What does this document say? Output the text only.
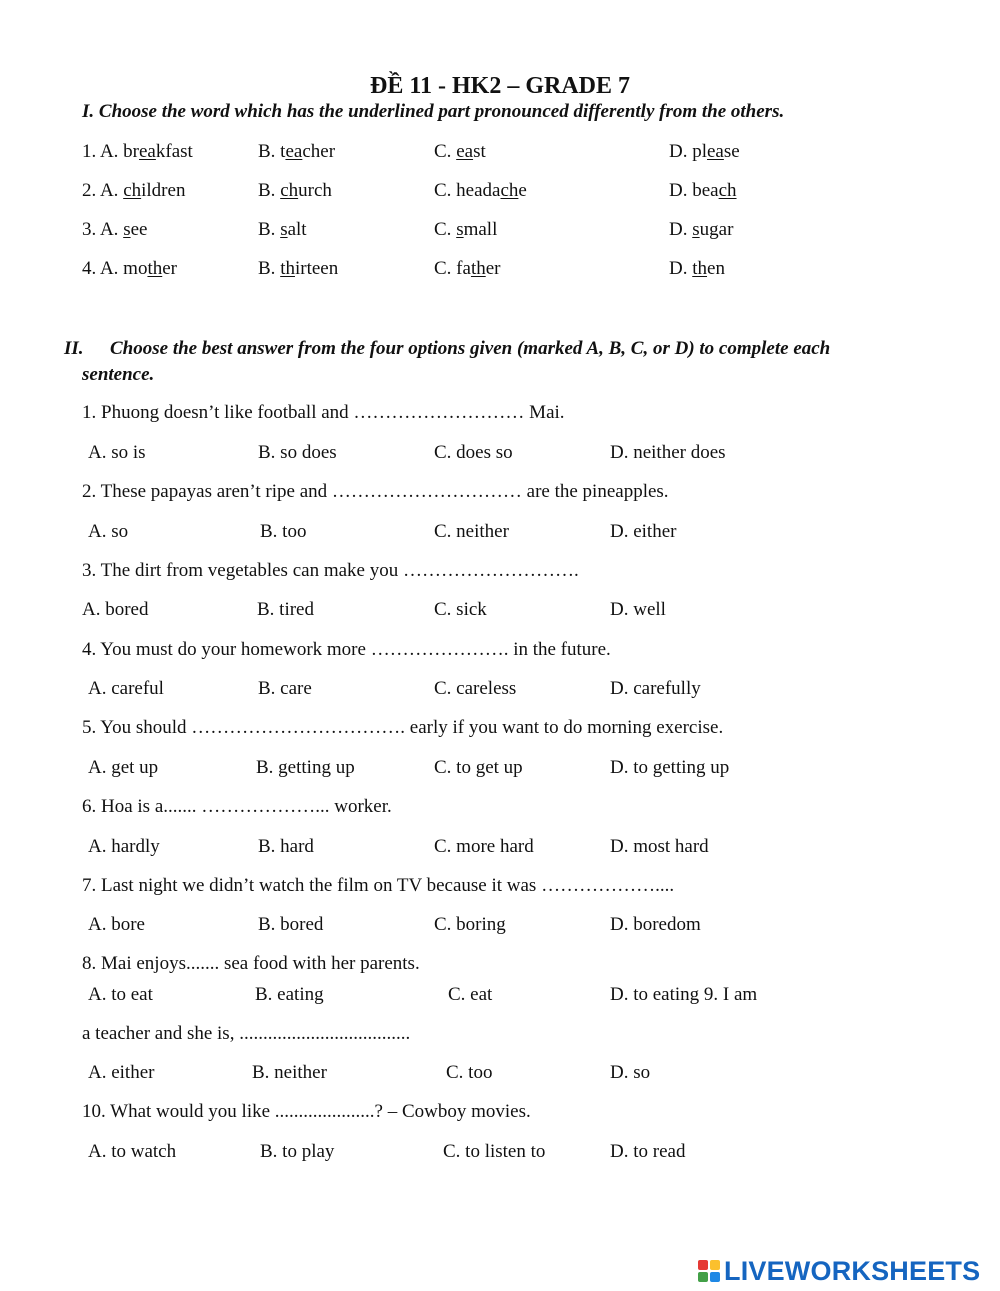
ĐỀ 11 - HK2 – GRADE 7
I. Choose the word which has the underlined part pronounced differently from the others.
1. A. breakfast	B. teacher	C. east	D. please
2. A. children	B. church	C. headache	D. beach
3. A. see	B. salt	C. small	D. sugar
4. A. mother	B. thirteen	C. father	D. then
II. Choose the best answer from the four options given (marked A, B, C, or D) to complete each
sentence.
1. Phuong doesn’t like football and ……………………… Mai.
A. so is	B. so does	C. does so	D. neither does
2. These papayas aren’t ripe and ………………………… are the pineapples.
A. so	B. too	C. neither	D. either
3. The dirt from vegetables can make you ……………………….
A. bored	B. tired	C. sick	D. well
4. You must do your homework more …………………. in the future.
A. careful	B. care	C. careless	D. carefully
5. You should ……………………………. early if you want to do morning exercise.
A. get up	B. getting up	C. to get up	D. to getting up
6. Hoa is a....... ………………... worker.
A. hardly	B. hard	C. more hard	D. most hard
7. Last night we didn’t watch the film on TV because it was ………………....
A. bore	B. bored	C. boring	D. boredom
8. Mai enjoys....... sea food with her parents.
A. to eat	B. eating	C. eat	D. to eating 9. I am
a teacher and she is, ....................................
A. either	B. neither	C. too	D. so
10. What would you like .....................? – Cowboy movies.
A. to watch	B. to play	C. to listen to	D. to read
LIVEWORKSHEETS
